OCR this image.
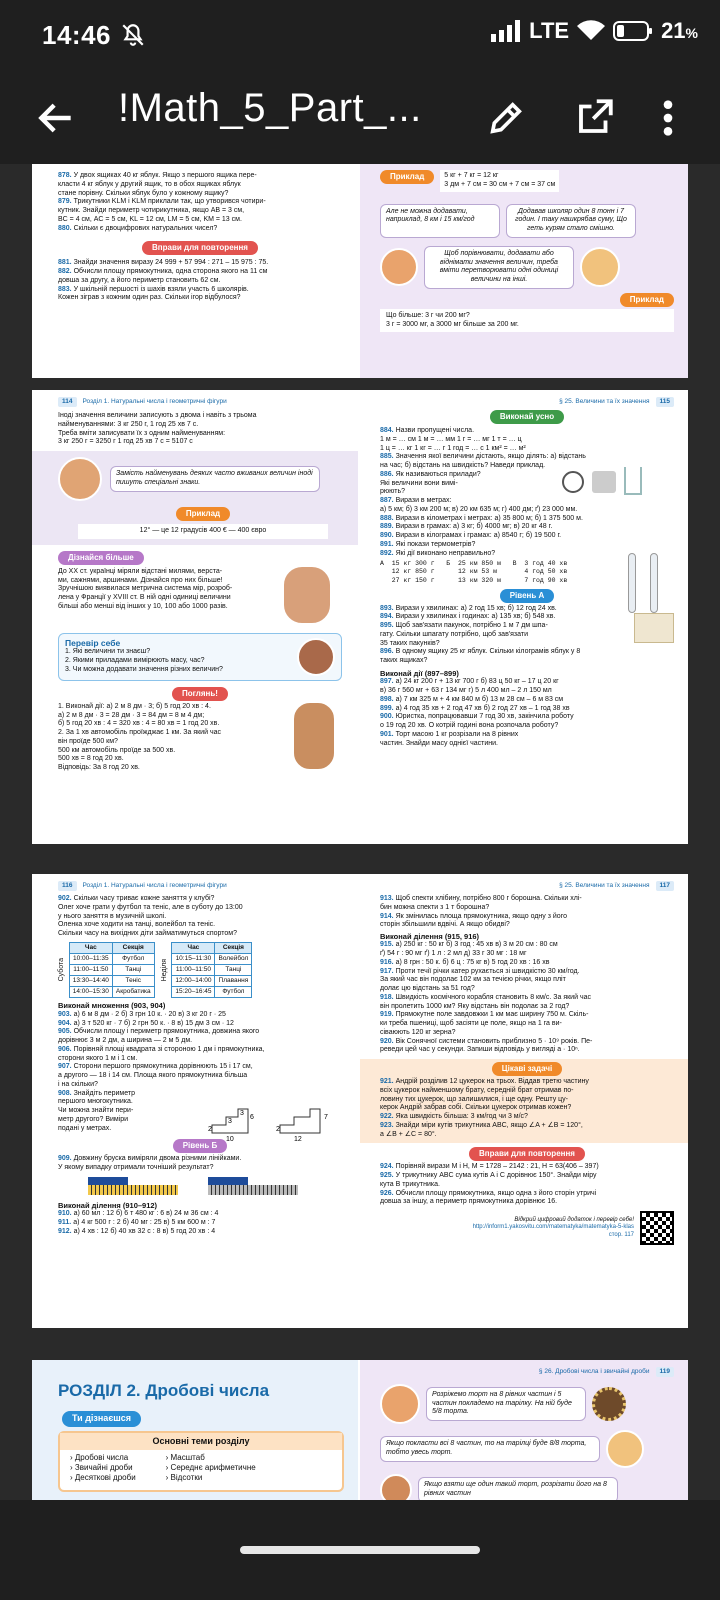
14:46	LTE	21%
!Math_5_Part_...
878. У двох ящиках 40 кг яблук. Якщо з першого ящика пере-
класти 4 кг яблук у другий ящик, то в обох ящиках яблук
стане порівну. Скільки яблук було у кожному ящику?
879. Трикутники KLM і KLM приклали так, що утворився чотири-
кутник. Знайди периметр чотирикутника, якщо AB = 3 см,
BC = 4 см, AC = 5 см, KL = 12 см, LM = 5 см, KM = 13 см.
880. Скільки є двоцифрових натуральних чисел?
Вправи для повторення
881. Знайди значення виразу 24 999 + 57 994 : 271 – 15 975 : 75.
882. Обчисли площу прямокутника, одна сторона якого на 11 см
довша за другу, а його периметр становить 62 см.
883. У шкільній першості із шахів взяли участь 6 школярів.
Кожен зіграв з кожним один раз. Скільки ігор відбулося?
Приклад	5 кг + 7 кг = 12 кг
3 дм + 7 см = 30 см + 7 см = 37 см
Але не можна додавати, наприклад, 8 км і 15 км/год
Додавав школяр один 8 тонн і 7 годин. І таку нашкрябав суму, Що геть курям стало смішно.
Щоб порівнювати, додавати або віднімати значення величин, треба вміти перетворювати одні одиниці величини на інші.
Приклад
Що більше: 3 г чи 200 мг?
3 г = 3000 мг, а 3000 мг більше за 200 мг.
114	Розділ 1. Натуральні числа і геометричні фігури
Іноді значення величини записують з двома і навіть з трьома
найменуваннями: 3 кг 250 г, 1 год 25 хв 7 с.
Треба вміти записувати їх з одним найменуванням:
3 кг 250 г = 3250 г 1 год 25 хв 7 с = 5107 с
Замість найменувань деяких часто вживаних величин іноді пишуть спеціальні знаки.
Приклад
12° — це 12 градусів 400 € — 400 євро
Дізнайся більше
До XX ст. українці міряли відстані милями, верста-
ми, сажнями, аршинами. Дізнайся про них більше!
Зручнішою виявилася метрична система мір, розроб-
лена у Франції у XVIII ст. В ній одні одиниці величини
більші або менші від інших у 10, 100 або 1000 разів.
Перевір себе
1. Які величини ти знаєш?
2. Якими приладами вимірюють масу, час?
3. Чи можна додавати значення різних величин?
Поглянь!
1. Виконай дії: а) 2 м 8 дм · 3; б) 5 год 20 хв : 4.
а) 2 м 8 дм · 3 = 28 дм · 3 = 84 дм = 8 м 4 дм;
б) 5 год 20 хв : 4 = 320 хв : 4 = 80 хв = 1 год 20 хв.
2. За 1 хв автомобіль проїжджає 1 км. За який час
він проїде 500 км?
500 км автомобіль проїде за 500 хв.
500 хв = 8 год 20 хв.
Відповідь: За 8 год 20 хв.
§ 25. Величини та їх значення	115
Виконай усно
884. Назви пропущені числа.
1 м = … см 1 м = … мм 1 г = … мг 1 т = … ц
1 ц = … кг 1 кг = … г 1 год = … с 1 км² = … м²
885. Значення якої величини дістають, якщо ділять: а) відстань
на час; б) відстань на швидкість? Наведи приклад.
886. Як називаються прилади?
Які величини вони вимі-
рюють?
887. Вирази в метрах:
а) 5 км; б) 3 км 200 м; в) 20 км 635 м; г) 400 дм; ґ) 23 000 мм.
888. Вирази в кілометрах і метрах: а) 35 800 м; б) 1 375 500 м.
889. Вирази в грамах: а) 3 кг; б) 4000 мг; в) 20 кг 48 г.
890. Вирази в кілограмах і грамах: а) 8540 г; б) 19 500 г.
891. Які покази термометрів?
892. Які дії виконано неправильно?
А  15 кг 300 г   Б  25 км 850 м   В  3 год 40 хв
12 кг 850 г      12 км 53 м       4 год 50 хв
27 кг 150 г      13 км 320 м      7 год 90 хв
Рівень А
893. Вирази у хвилинах: а) 2 год 15 хв; б) 12 год 24 хв.
894. Вирази у хвилинах і годинах: а) 135 хв; б) 548 хв.
895. Щоб зав'язати пакунок, потрібно 1 м 7 дм шпа-
гату. Скільки шпагату потрібно, щоб зав'язати
35 таких пакунків?
896. В одному ящику 25 кг яблук. Скільки кілограмів яблук у 8
таких ящиках?
Виконай дії (897–899)
897. а) 24 кг 200 г + 13 кг 700 г б) 83 ц 50 кг – 17 ц 20 кг
в) 36 г 560 мг + 63 г 134 мг г) 5 л 400 мл – 2 л 150 мл
898. а) 7 км 325 м + 4 км 840 м б) 13 м 28 см – 6 м 83 см
899. а) 4 год 35 хв + 2 год 47 хв б) 2 год 27 хв – 1 год 38 хв
900. Юристка, попрацювавши 7 год 30 хв, закінчила роботу
о 19 год 20 хв. О котрій годині вона розпочала роботу?
901. Торт масою 1 кг розрізали на 8 рівних
частин. Знайди масу однієї частини.
116	Розділ 1. Натуральні числа і геометричні фігури
902. Скільки часу триває кожне заняття у клубі?
Олег хоче грати у футбол та теніс, але в суботу до 13:00
у нього заняття в музичній школі.
Оленка хоче ходити на танці, волейбол та теніс.
Скільки часу на вихідних діти займатимуться спортом?
Субота
Час	Секція
10:00–11:35	Футбол
11:00–11:50	Танці
13:30–14:40	Теніс
14:00–15:30	Акробатика
Неділя
Час	Секція
10:15–11:30	Волейбол
11:00–11:50	Танці
12:00–14:00	Плавання
15:20–16:45	Футбол
Виконай множення (903, 904)
903. а) 6 м 8 дм · 2 б) 3 грн 10 к. · 20 в) 3 кг 20 г · 25
904. а) 3 т 520 кг · 7 б) 2 грн 50 к. · 8 в) 15 дм 3 см · 12
905. Обчисли площу і периметр прямокутника, довжина якого
дорівнює 3 м 2 дм, а ширина — 2 м 5 дм.
906. Порівняй площі квадрата зі стороною 1 дм і прямокутника,
сторони якого 1 м і 1 см.
907. Сторони першого прямокутника дорівнюють 15 і 17 см,
а другого — 18 і 14 см. Площа якого прямокутника більша
і на скільки?
908. Знайдіть периметр
першого многокутника.
Чи можна знайти пери-
метр другого? Виміри
подані у метрах.	2
3
3
6
2
10	12
7
Рівень Б
909. Довжину бруска виміряли двома різними лінійками.
У якому випадку отримали точніший результат?
Виконай ділення (910–912)
910. а) 60 мл : 12 б) 6 т 480 кг : 6 в) 24 м 36 см : 4
911. а) 4 кг 500 г : 2 б) 40 мг : 25 в) 5 км 600 м : 7
912. а) 4 хв : 12 б) 40 хв 32 с : 8 в) 5 год 20 хв : 4
§ 25. Величини та їх значення	117
913. Щоб спекти хлібину, потрібно 800 г борошна. Скільки хлі-
бин можна спекти з 1 т борошна?
914. Як змінилась площа прямокутника, якщо одну з його
сторін збільшили вдвічі. А якщо обидві?
Виконай ділення (915, 916)
915. а) 250 кг : 50 кг б) 3 год : 45 хв в) 3 м 20 см : 80 см
ґ) 54 г : 90 мг ґ) 1 л : 2 мл д) 33 г 30 мг : 18 мг
916. а) 8 грн : 50 к. б) 6 ц : 75 кг в) 5 год 20 хв : 16 хв
917. Проти течії річки катер рухається зі швидкістю 30 км/год.
За який час він подолає 102 км за течією річки, якщо пліт
долає цю відстань за 51 год?
918. Швидкість космічного корабля становить 8 км/с. За який час
він пролетить 1000 км? Яку відстань він подолає за 2 год?
919. Прямокутне поле завдовжки 1 км має ширину 750 м. Скіль-
ки треба пшениці, щоб засіяти це поле, якщо на 1 га ви-
сіваюють 120 кг зерна?
920. Вік Сонячної системи становить приблизно 5 · 10⁹ років. Пе-
реведи цей час у секунди. Запиши відповідь у вигляді a · 10ⁿ.
Цікаві задачі
921. Андрій розділив 12 цукерок на трьох. Віддав третю частину
всіх цукерок найменшому брату, середній брат отримав по-
ловину тих цукерок, що залишилися, і ще одну. Решту цу-
керок Андрій забрав собі. Скільки цукерок отримав кожен?
922. Яка швидкість більша: 3 км/год чи 3 м/с?
923. Знайди міри кутів трикутника ABC, якщо ∠A + ∠B = 120°,
а ∠B + ∠C = 80°.
Вправи для повторення
924. Порівняй вирази M і H, M = 1728 – 2142 : 21, H = 63(406 – 397)
925. У трикутнику ABC сума кутів A і C дорівнює 150°. Знайди міру
кута B трикутника.
926. Обчисли площу прямокутника, якщо одна з його сторін утричі
довша за іншу, а периметр прямокутника дорівнює 16.
Відкрий цифровий додаток і перевір себе!
http://inform1.yakosvitu.com/matematyka/matematyka-5-klas
стор. 117
РОЗДІЛ 2. Дробові числа
Ти дізнаєшся
Основні теми розділу
› Дробові числа
› Звичайні дроби
› Десяткові дроби
› Масштаб
› Середнє арифметичне
› Відсотки
§ 26. Дробові числа і звичайні дроби	119
Розріжемо торт на 8 рівних частин і 5 частин покладемо на тарілку. На ній буде 5/8 торта.
Якщо покласти всі 8 частин, то на тарілці буде 8/8 торта, тобто увесь торт.
Якщо взяти ще один такий торт, розрізати його на 8 рівних частин
